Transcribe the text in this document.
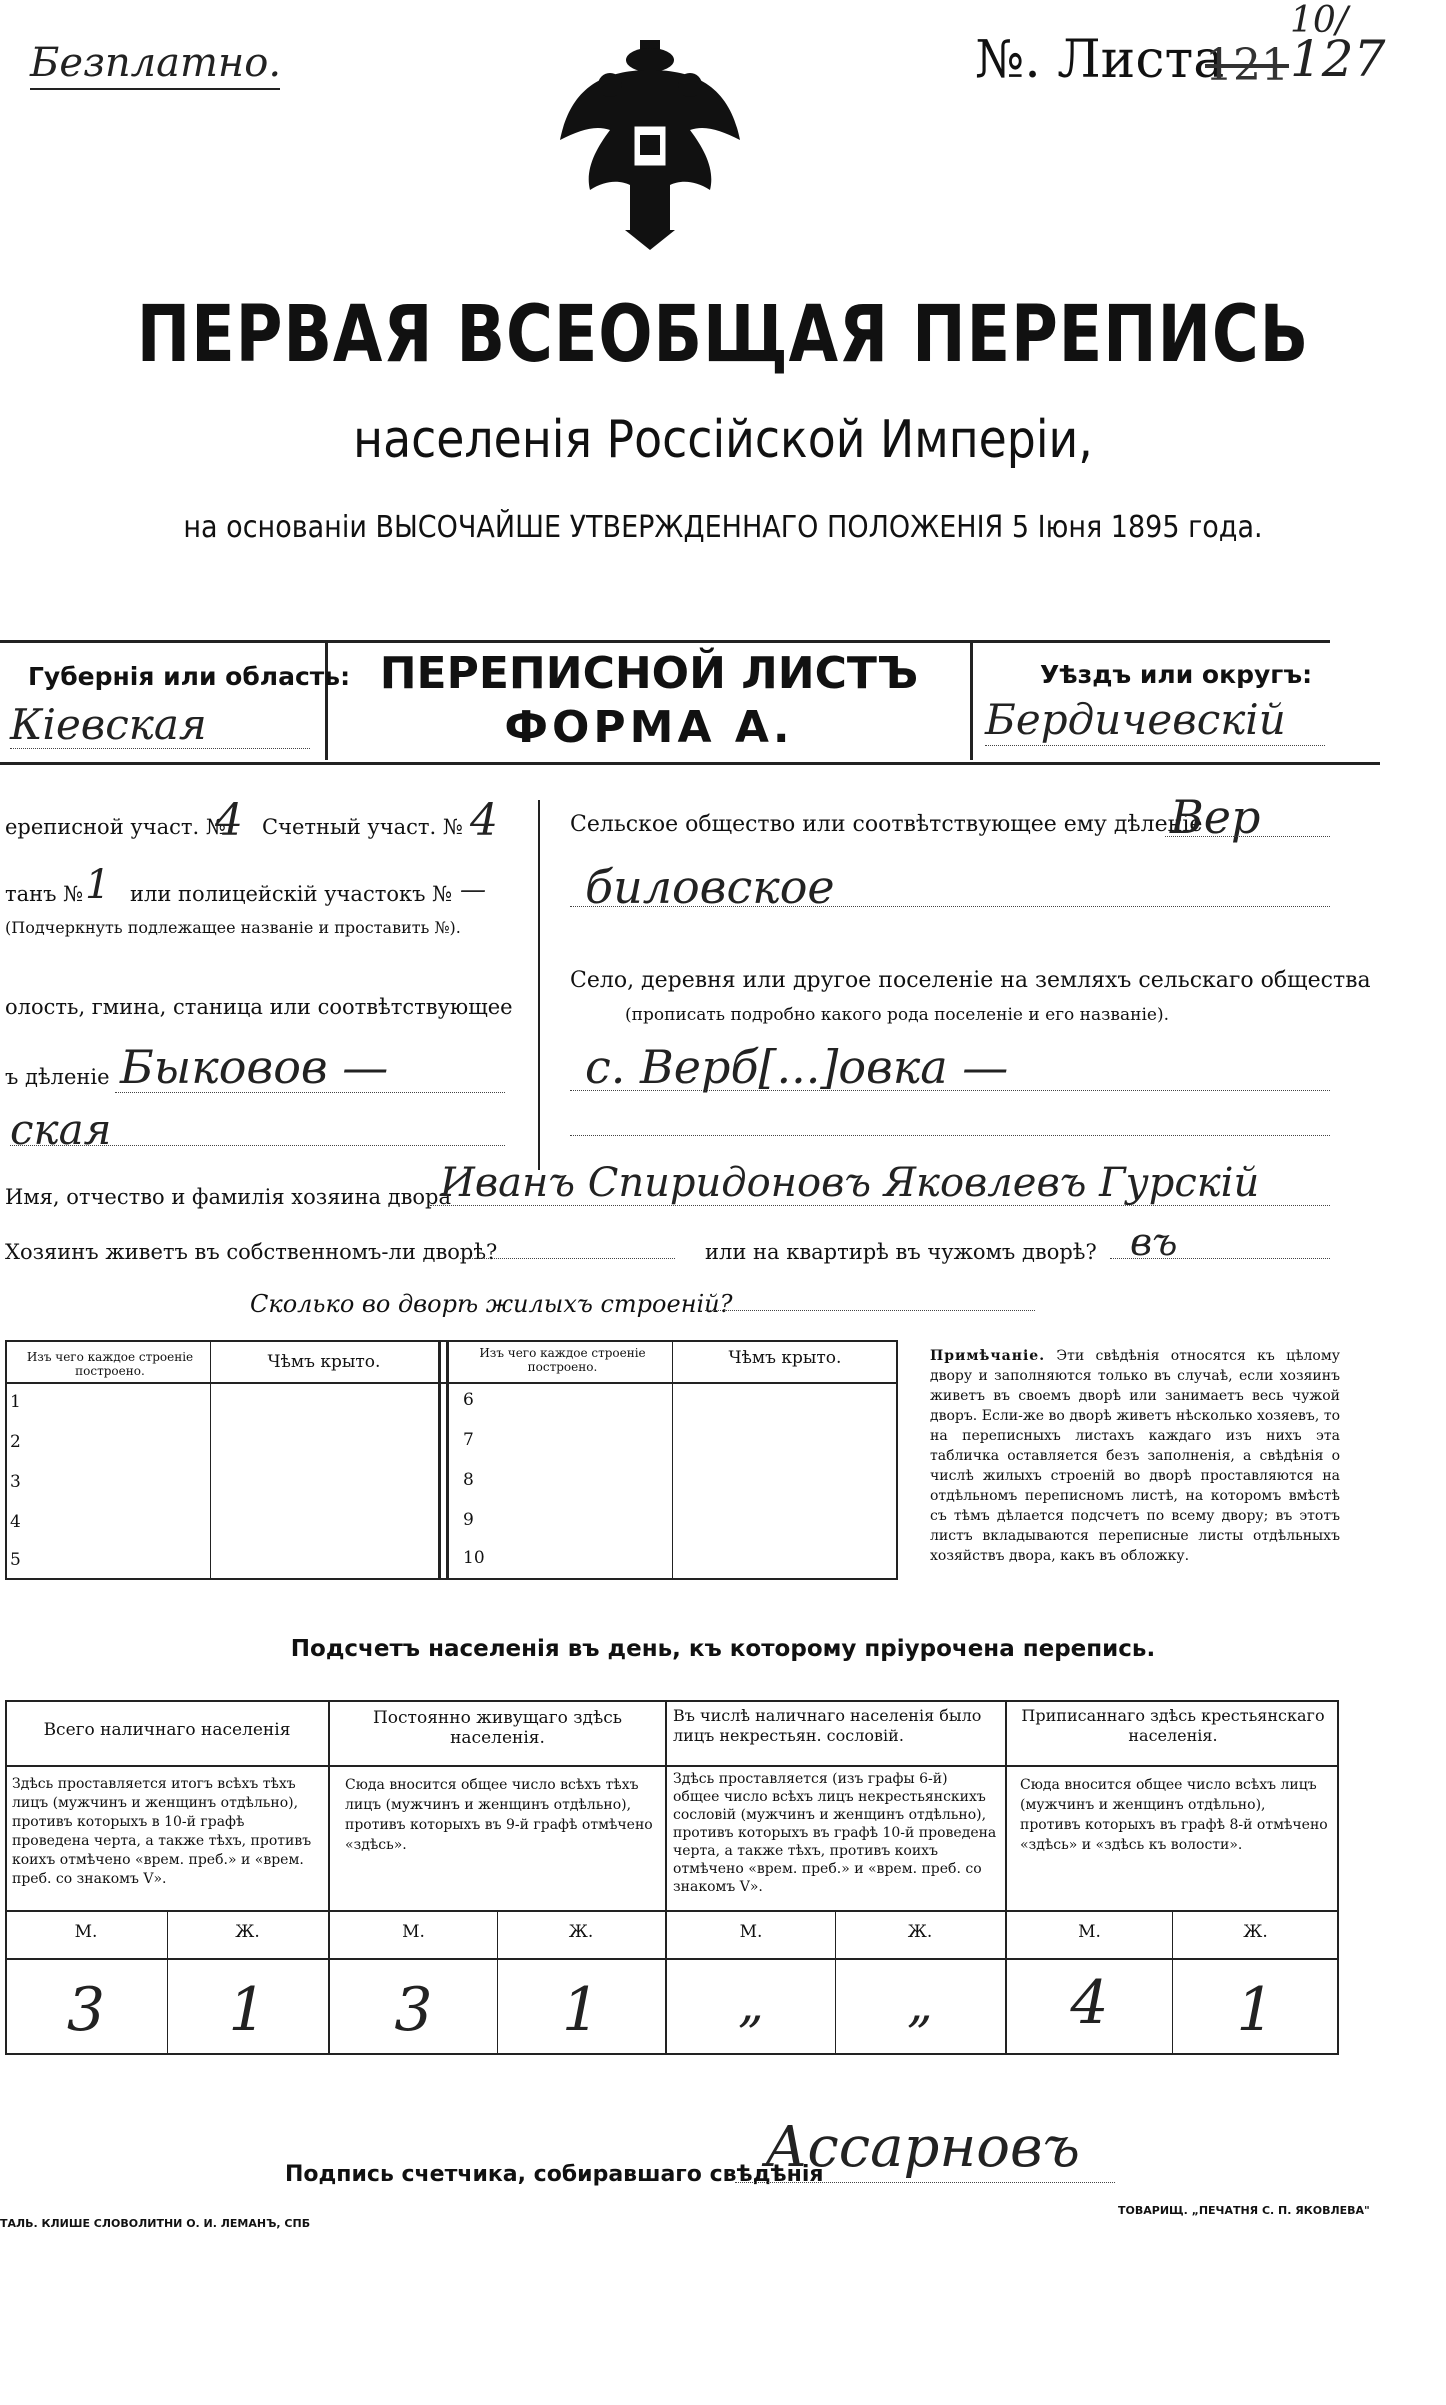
Безплатно.	№. Листа
121 127
10/
ПЕРВАЯ ВСЕОБЩАЯ ПЕРЕПИСЬ
населенія Россійской Имперіи,
на основаніи ВЫСОЧАЙШЕ УТВЕРЖДЕННАГО ПОЛОЖЕНІЯ 5 Іюня 1895 года.
Губернія или область:
Кіевская
ПЕРЕПИСНОЙ ЛИСТЪ
ФОРМА А.
Уѣздъ или округъ:
Бердичевскій
ереписной участ. №
4 Счетный участ. № 4
танъ № 1 или полицейскій участокъ № —
(Подчеркнуть подлежащее названіе и проставить №).
олость, гмина, станица или соотвѣтствующее
ъ дѣленіе Быковов —
ская
Сельское общество или соотвѣтствующее ему дѣленіе
Вер
биловское
Село, деревня или другое поселеніе на земляхъ сельскаго общества
(прописать подробно какого рода поселеніе и его названіе).
с. Верб[...]овка —
Имя, отчество и фамилія хозяина двора
Иванъ Спиридоновъ Яковлевъ Гурскій
Хозяинъ живетъ въ собственномъ-ли дворѣ?	или на квартирѣ въ чужомъ дворѣ? въ
Сколько во дворѣ жилыхъ строеній?
Изъ чего каждое строеніе построено.	Чѣмъ крыто.	Изъ чего каждое строеніе построено.	Чѣмъ крыто.
1
2
3
4
5
6
7
8
9
10
Примѣчаніе. Эти свѣдѣнія относятся къ цѣлому двору и заполняются только въ случаѣ, если хозяинъ живетъ въ своемъ дворѣ или занимаетъ весь чужой дворъ. Если-же во дворѣ живетъ нѣсколько хозяевъ, то на переписныхъ листахъ каждаго изъ нихъ эта табличка оставляется безъ заполненія, а свѣдѣнія о числѣ жилыхъ строеній во дворѣ проставляются на отдѣльномъ переписномъ листѣ, на которомъ вмѣстѣ съ тѣмъ дѣлается подсчетъ по всему двору; въ этотъ листъ вкладываются переписные листы отдѣльныхъ хозяйствъ двора, какъ въ обложку.
Подсчетъ населенія въ день, къ которому пріурочена перепись.
Всего наличнаго населенія
Здѣсь проставляется итогъ всѣхъ тѣхъ лицъ (мужчинъ и женщинъ отдѣльно), противъ которыхъ в 10-й графѣ проведена черта, а также тѣхъ, противъ коихъ отмѣчено «врем. преб.» и «врем. преб. со знакомъ V».
Постоянно живущаго здѣсь населенія.
Сюда вносится общее число всѣхъ тѣхъ лицъ (мужчинъ и женщинъ отдѣльно), противъ которыхъ въ 9-й графѣ отмѣчено «здѣсь».
Въ числѣ наличнаго населенія было лицъ некрестьян. сословій.
Здѣсь проставляется (изъ графы 6-й) общее число всѣхъ лицъ некрестьянскихъ сословій (мужчинъ и женщинъ отдѣльно), противъ которыхъ въ графѣ 10-й проведена черта, а также тѣхъ, противъ коихъ отмѣчено «врем. преб.» и «врем. преб. со знакомъ V».
Приписаннаго здѣсь крестьянскаго населенія.
Сюда вносится общее число всѣхъ лицъ (мужчинъ и женщинъ отдѣльно), противъ которыхъ въ графѣ 8-й отмѣчено «здѣсь» и «здѣсь къ волости».
М.	Ж.	М.	Ж.	М.	Ж.	М.	Ж.
3	1	3	1	„	„	4	1
Подпись счетчика, собиравшаго свѣдѣнія
Ассарновъ
ТАЛЬ. КЛИШЕ СЛОВОЛИТНИ О. И. ЛЕМАНЪ, СПБ
ТОВАРИЩ. „ПЕЧАТНЯ С. П. ЯКОВЛЕВА"
